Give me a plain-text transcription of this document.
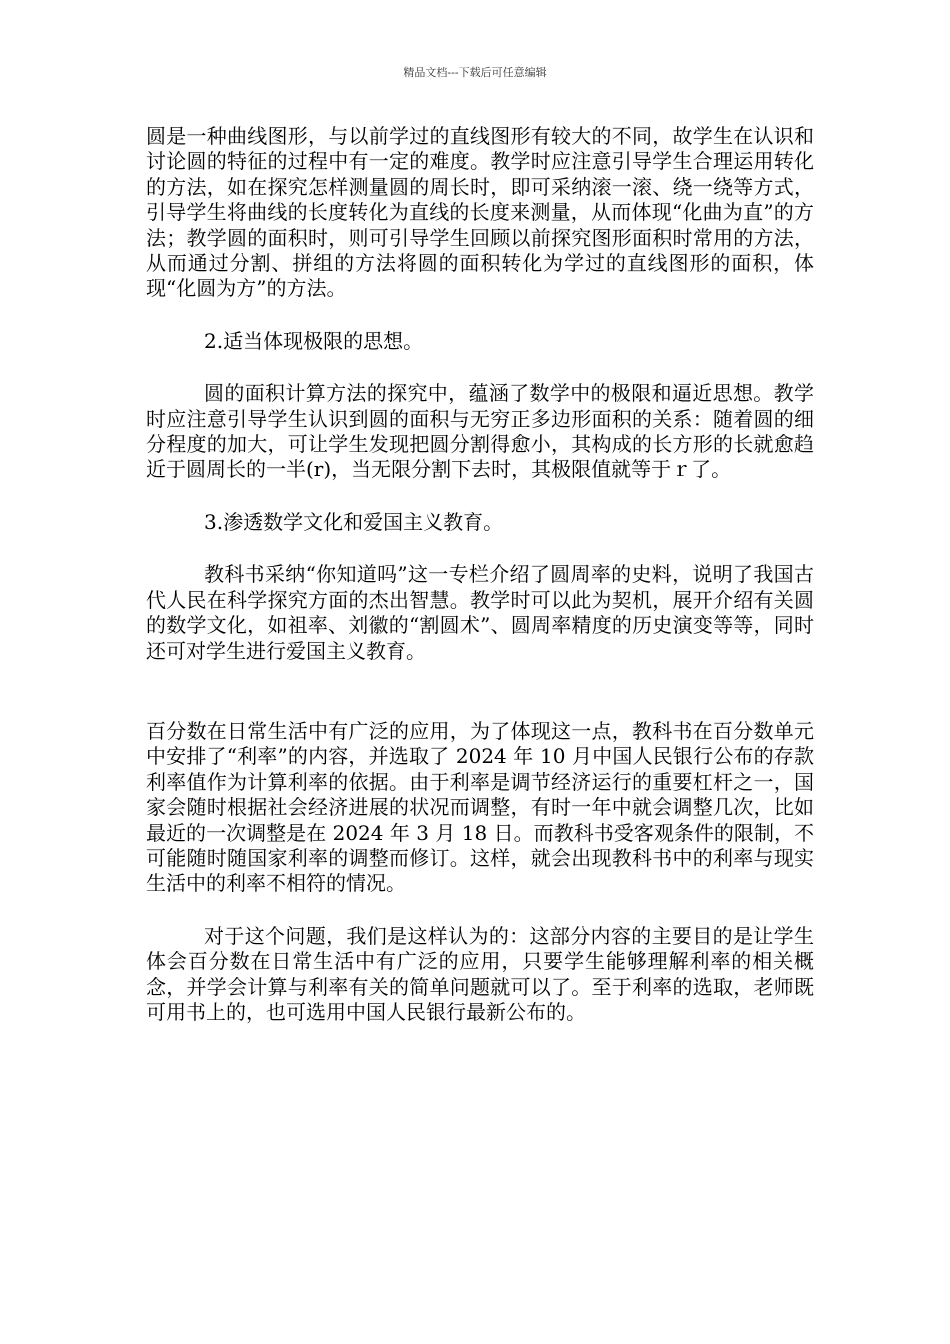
精品文档---下载后可任意编辑

圆是一种曲线图形，与以前学过的直线图形有较大的不同，故学生在认识和讨论圆的特征的过程中有一定的难度。教学时应注意引导学生合理运用转化的方法，如在探究怎样测量圆的周长时，即可采纳滚一滚、绕一绕等方式，引导学生将曲线的长度转化为直线的长度来测量，从而体现“化曲为直”的方法；教学圆的面积时，则可引导学生回顾以前探究图形面积时常用的方法，从而通过分割、拼组的方法将圆的面积转化为学过的直线图形的面积，体现“化圆为方”的方法。

2.适当体现极限的思想。

圆的面积计算方法的探究中，蕴涵了数学中的极限和逼近思想。教学时应注意引导学生认识到圆的面积与无穷正多边形面积的关系：随着圆的细分程度的加大，可让学生发现把圆分割得愈小，其构成的长方形的长就愈趋近于圆周长的一半(r)，当无限分割下去时，其极限值就等于ｒ了。

3.渗透数学文化和爱国主义教育。

教科书采纳“你知道吗”这一专栏介绍了圆周率的史料，说明了我国古代人民在科学探究方面的杰出智慧。教学时可以此为契机，展开介绍有关圆的数学文化，如祖率、刘徽的“割圆术”、圆周率精度的历史演变等等，同时还可对学生进行爱国主义教育。

百分数在日常生活中有广泛的应用，为了体现这一点，教科书在百分数单元中安排了“利率”的内容，并选取了 2024 年 10 月中国人民银行公布的存款利率值作为计算利率的依据。由于利率是调节经济运行的重要杠杆之一，国家会随时根据社会经济进展的状况而调整，有时一年中就会调整几次，比如最近的一次调整是在 2024 年 3 月 18 日。而教科书受客观条件的限制，不可能随时随国家利率的调整而修订。这样，就会出现教科书中的利率与现实生活中的利率不相符的情况。

对于这个问题，我们是这样认为的：这部分内容的主要目的是让学生体会百分数在日常生活中有广泛的应用，只要学生能够理解利率的相关概念，并学会计算与利率有关的简单问题就可以了。至于利率的选取，老师既可用书上的，也可选用中国人民银行最新公布的。
